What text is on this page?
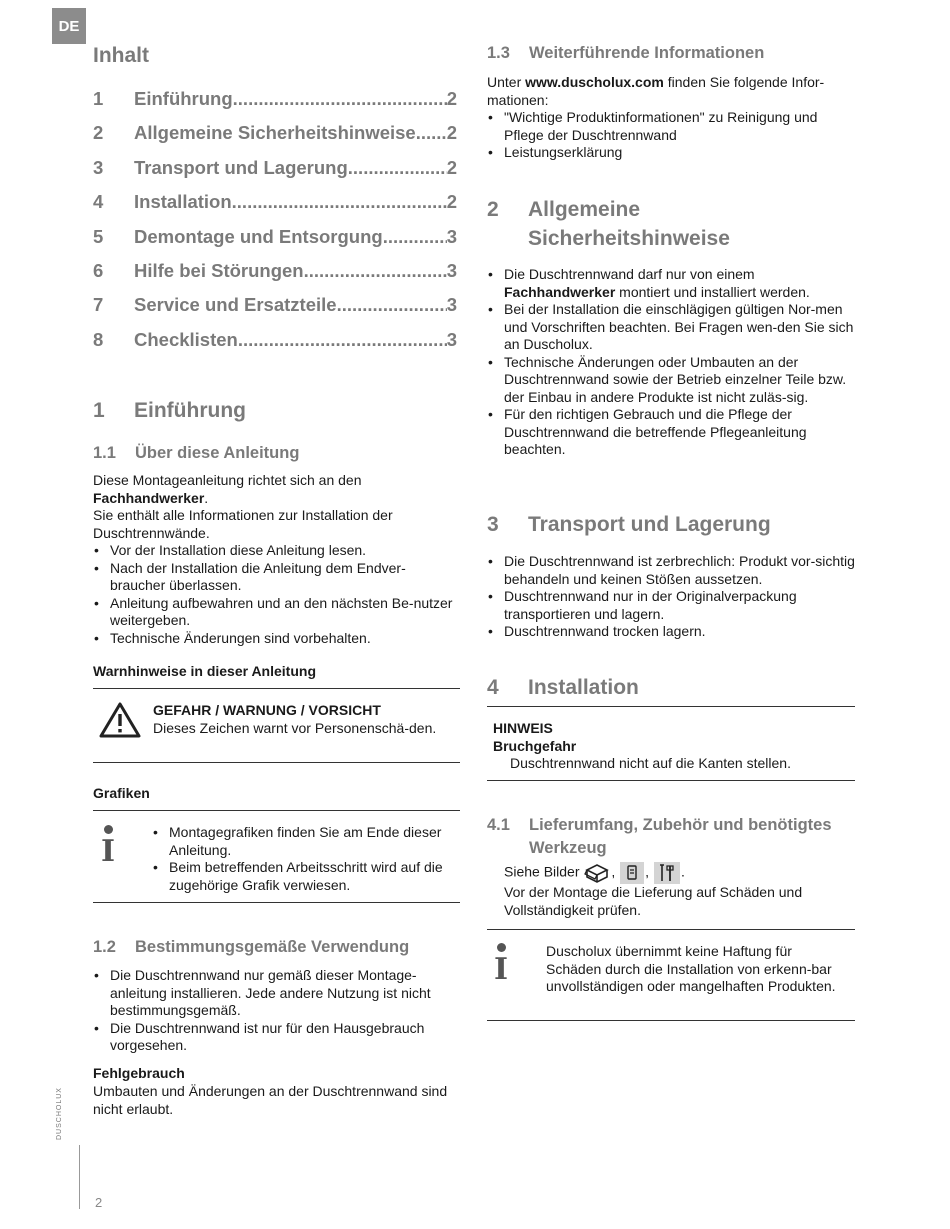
DE
Inhalt
1	Einführung .....	2
2	Allgemeine Sicherheitshinweise ..... 2
3	Transport und Lagerung .....	2
4	Installation .....	2
5	Demontage und Entsorgung .....	3
6	Hilfe bei Störungen .....	3
7	Service und Ersatzteile .....	3
8	Checklisten .....	3
1 Einführung
1.1 Über diese Anleitung
Diese Montageanleitung richtet sich an den
Fachhandwerker.
Sie enthält alle Informationen zur Installation der Duschtrennwände.
• Vor der Installation diese Anleitung lesen.
• Nach der Installation die Anleitung dem Endver-braucher überlassen.
• Anleitung aufbewahren und an den nächsten Be-nutzer weitergeben.
• Technische Änderungen sind vorbehalten.
Warnhinweise in dieser Anleitung
GEFAHR / WARNUNG / VORSICHT
Dieses Zeichen warnt vor Personenschä-den.
Grafiken
I
• Montagegrafiken finden Sie am Ende dieser Anleitung.
• Beim betreffenden Arbeitsschritt wird auf die zugehörige Grafik verwiesen.
1.2 Bestimmungsgemäße Verwendung
• Die Duschtrennwand nur gemäß dieser Montage-anleitung installieren. Jede andere Nutzung ist nicht bestimmungsgemäß.
• Die Duschtrennwand ist nur für den Hausgebrauch vorgesehen.
Fehlgebrauch
Umbauten und Änderungen an der Duschtrennwand sind nicht erlaubt.
1.3 Weiterführende Informationen
Unter www.duscholux.com finden Sie folgende Infor-mationen:
• "Wichtige Produktinformationen" zu Reinigung und Pflege der Duschtrennwand
• Leistungserklärung
2 Allgemeine
Sicherheitshinweise
• Die Duschtrennwand darf nur von einem Fachhandwerker montiert und installiert werden.
• Bei der Installation die einschlägigen gültigen Nor-men und Vorschriften beachten. Bei Fragen wen-den Sie sich an Duscholux.
• Technische Änderungen oder Umbauten an der Duschtrennwand sowie der Betrieb einzelner Teile bzw. der Einbau in andere Produkte ist nicht zuläs-sig.
• Für den richtigen Gebrauch und die Pflege der Duschtrennwand die betreffende Pflegeanleitung beachten.
3 Transport und Lagerung
• Die Duschtrennwand ist zerbrechlich: Produkt vor-sichtig behandeln und keinen Stößen aussetzen.
• Duschtrennwand nur in der Originalverpackung transportieren und lagern.
• Duschtrennwand trocken lagern.
4 Installation
HINWEIS
Bruchgefahr
Duschtrennwand nicht auf die Kanten stellen.
4.1 Lieferumfang, Zubehör und benötigtes
Werkzeug
Siehe Bilder , , .
Vor der Montage die Lieferung auf Schäden und Vollständigkeit prüfen.
I
Duscholux übernimmt keine Haftung für Schäden durch die Installation von erkenn-bar unvollständigen oder mangelhaften Produkten.
DUSCHOLUX
2
